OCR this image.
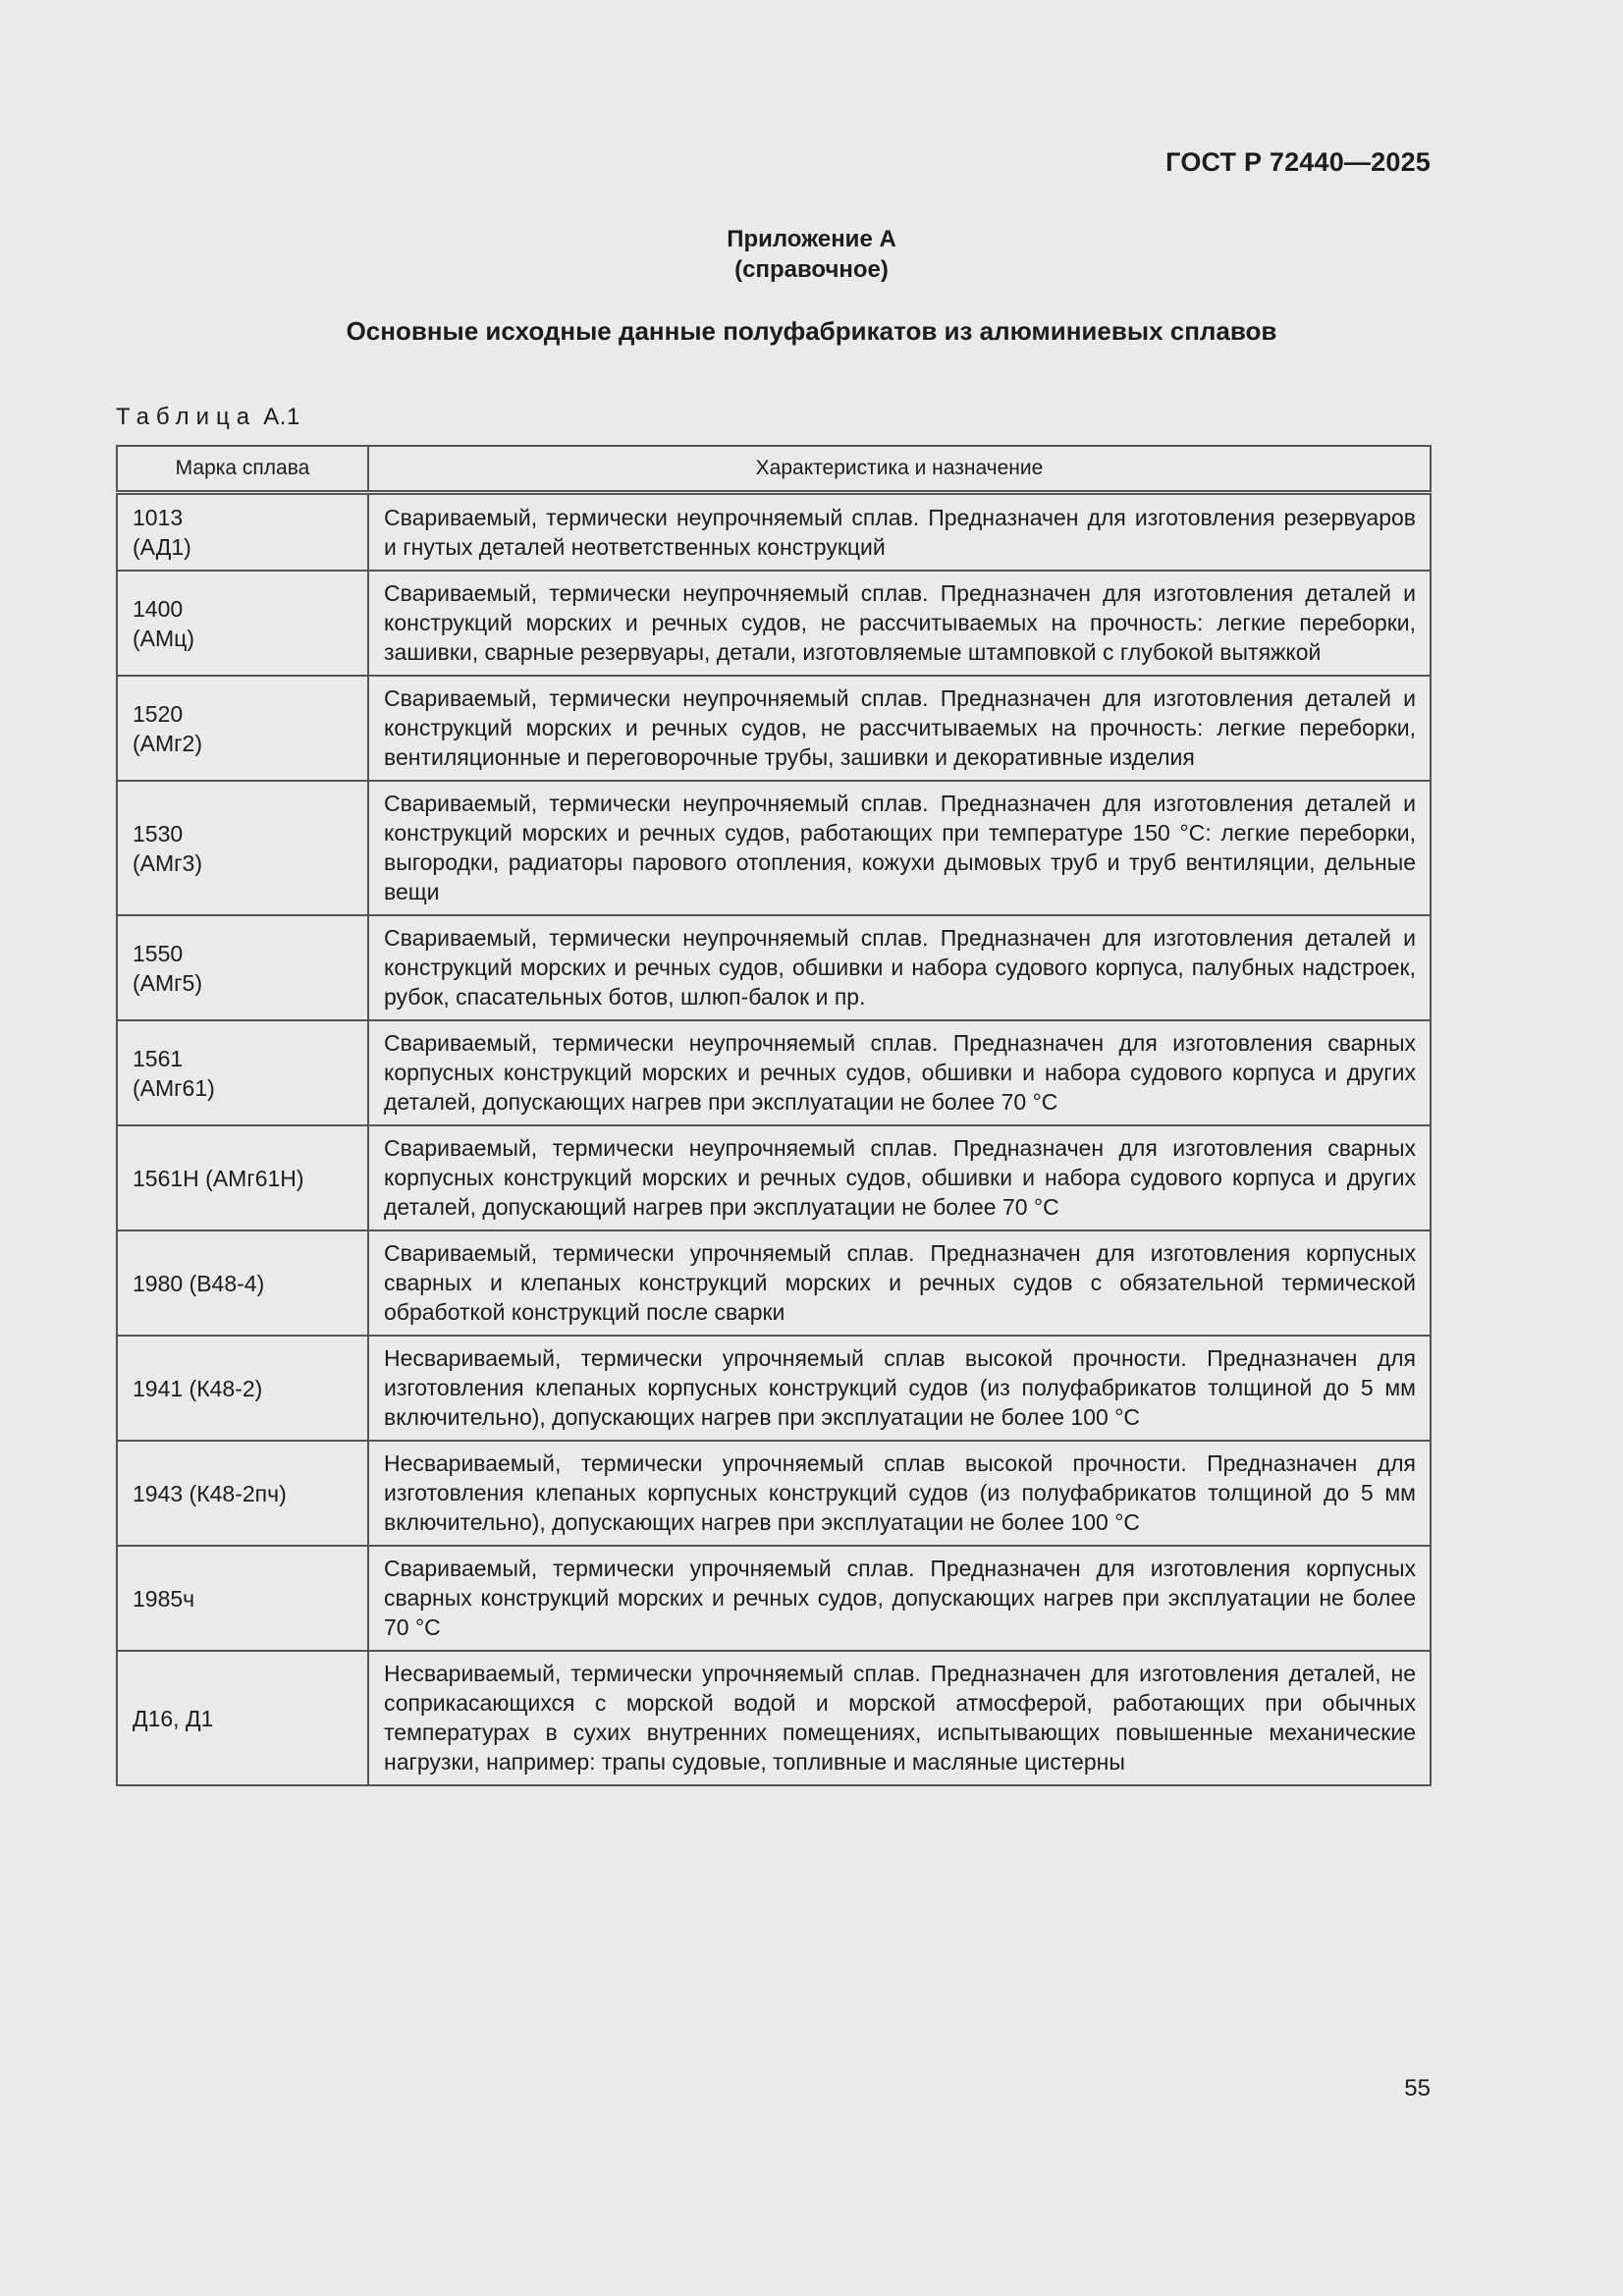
ГОСТ Р 72440—2025
Приложение А
(справочное)
Основные исходные данные полуфабрикатов из алюминиевых сплавов
Таблица А.1
Марка сплава	Характеристика и назначение

1013
(АД1)	Свариваемый, термически неупрочняемый сплав. Предназначен для изготовления резервуаров и гнутых деталей неответственных конструкций

1400
(АМц)	Свариваемый, термически неупрочняемый сплав. Предназначен для изготовления деталей и конструкций морских и речных судов, не рассчитываемых на прочность: легкие переборки, зашивки, сварные резервуары, детали, изготовляемые штамповкой с глубокой вытяжкой

1520
(АМг2)	Свариваемый, термически неупрочняемый сплав. Предназначен для изготовления деталей и конструкций морских и речных судов, не рассчитываемых на прочность: легкие переборки, вентиляционные и переговорочные трубы, зашивки и декоративные изделия

1530
(АМг3)	Свариваемый, термически неупрочняемый сплав. Предназначен для изготовления деталей и конструкций морских и речных судов, работающих при температуре 150 °С: легкие переборки, выгородки, радиаторы парового отопления, кожухи дымовых труб и труб вентиляции, дельные вещи

1550
(АМг5)	Свариваемый, термически неупрочняемый сплав. Предназначен для изготовления деталей и конструкций морских и речных судов, обшивки и набора судового корпуса, палубных надстроек, рубок, спасательных ботов, шлюп-балок и пр.

1561
(АМг61)	Свариваемый, термически неупрочняемый сплав. Предназначен для изготовления сварных корпусных конструкций морских и речных судов, обшивки и набора судового корпуса и других деталей, допускающих нагрев при эксплуатации не более 70 °С

1561Н (АМг61Н)	Свариваемый, термически неупрочняемый сплав. Предназначен для изготовления сварных корпусных конструкций морских и речных судов, обшивки и набора судового корпуса и других деталей, допускающий нагрев при эксплуатации не более 70 °С

1980 (В48-4)	Свариваемый, термически упрочняемый сплав. Предназначен для изготовления корпусных сварных и клепаных конструкций морских и речных судов с обязательной термической обработкой конструкций после сварки

1941 (К48-2)	Несвариваемый, термически упрочняемый сплав высокой прочности. Предназначен для изготовления клепаных корпусных конструкций судов (из полуфабрикатов толщиной до 5 мм включительно), допускающих нагрев при эксплуатации не более 100 °С

1943 (К48-2пч)	Несвариваемый, термически упрочняемый сплав высокой прочности. Предназначен для изготовления клепаных корпусных конструкций судов (из полуфабрикатов толщиной до 5 мм включительно), допускающих нагрев при эксплуатации не более 100 °С

1985ч	Свариваемый, термически упрочняемый сплав. Предназначен для изготовления корпусных сварных конструкций морских и речных судов, допускающих нагрев при эксплуатации не более 70 °С

Д16, Д1	Несвариваемый, термически упрочняемый сплав. Предназначен для изготовления деталей, не соприкасающихся с морской водой и морской атмосферой, работающих при обычных температурах в сухих внутренних помещениях, испытывающих повышенные механические нагрузки, например: трапы судовые, топливные и масляные цистерны
55
